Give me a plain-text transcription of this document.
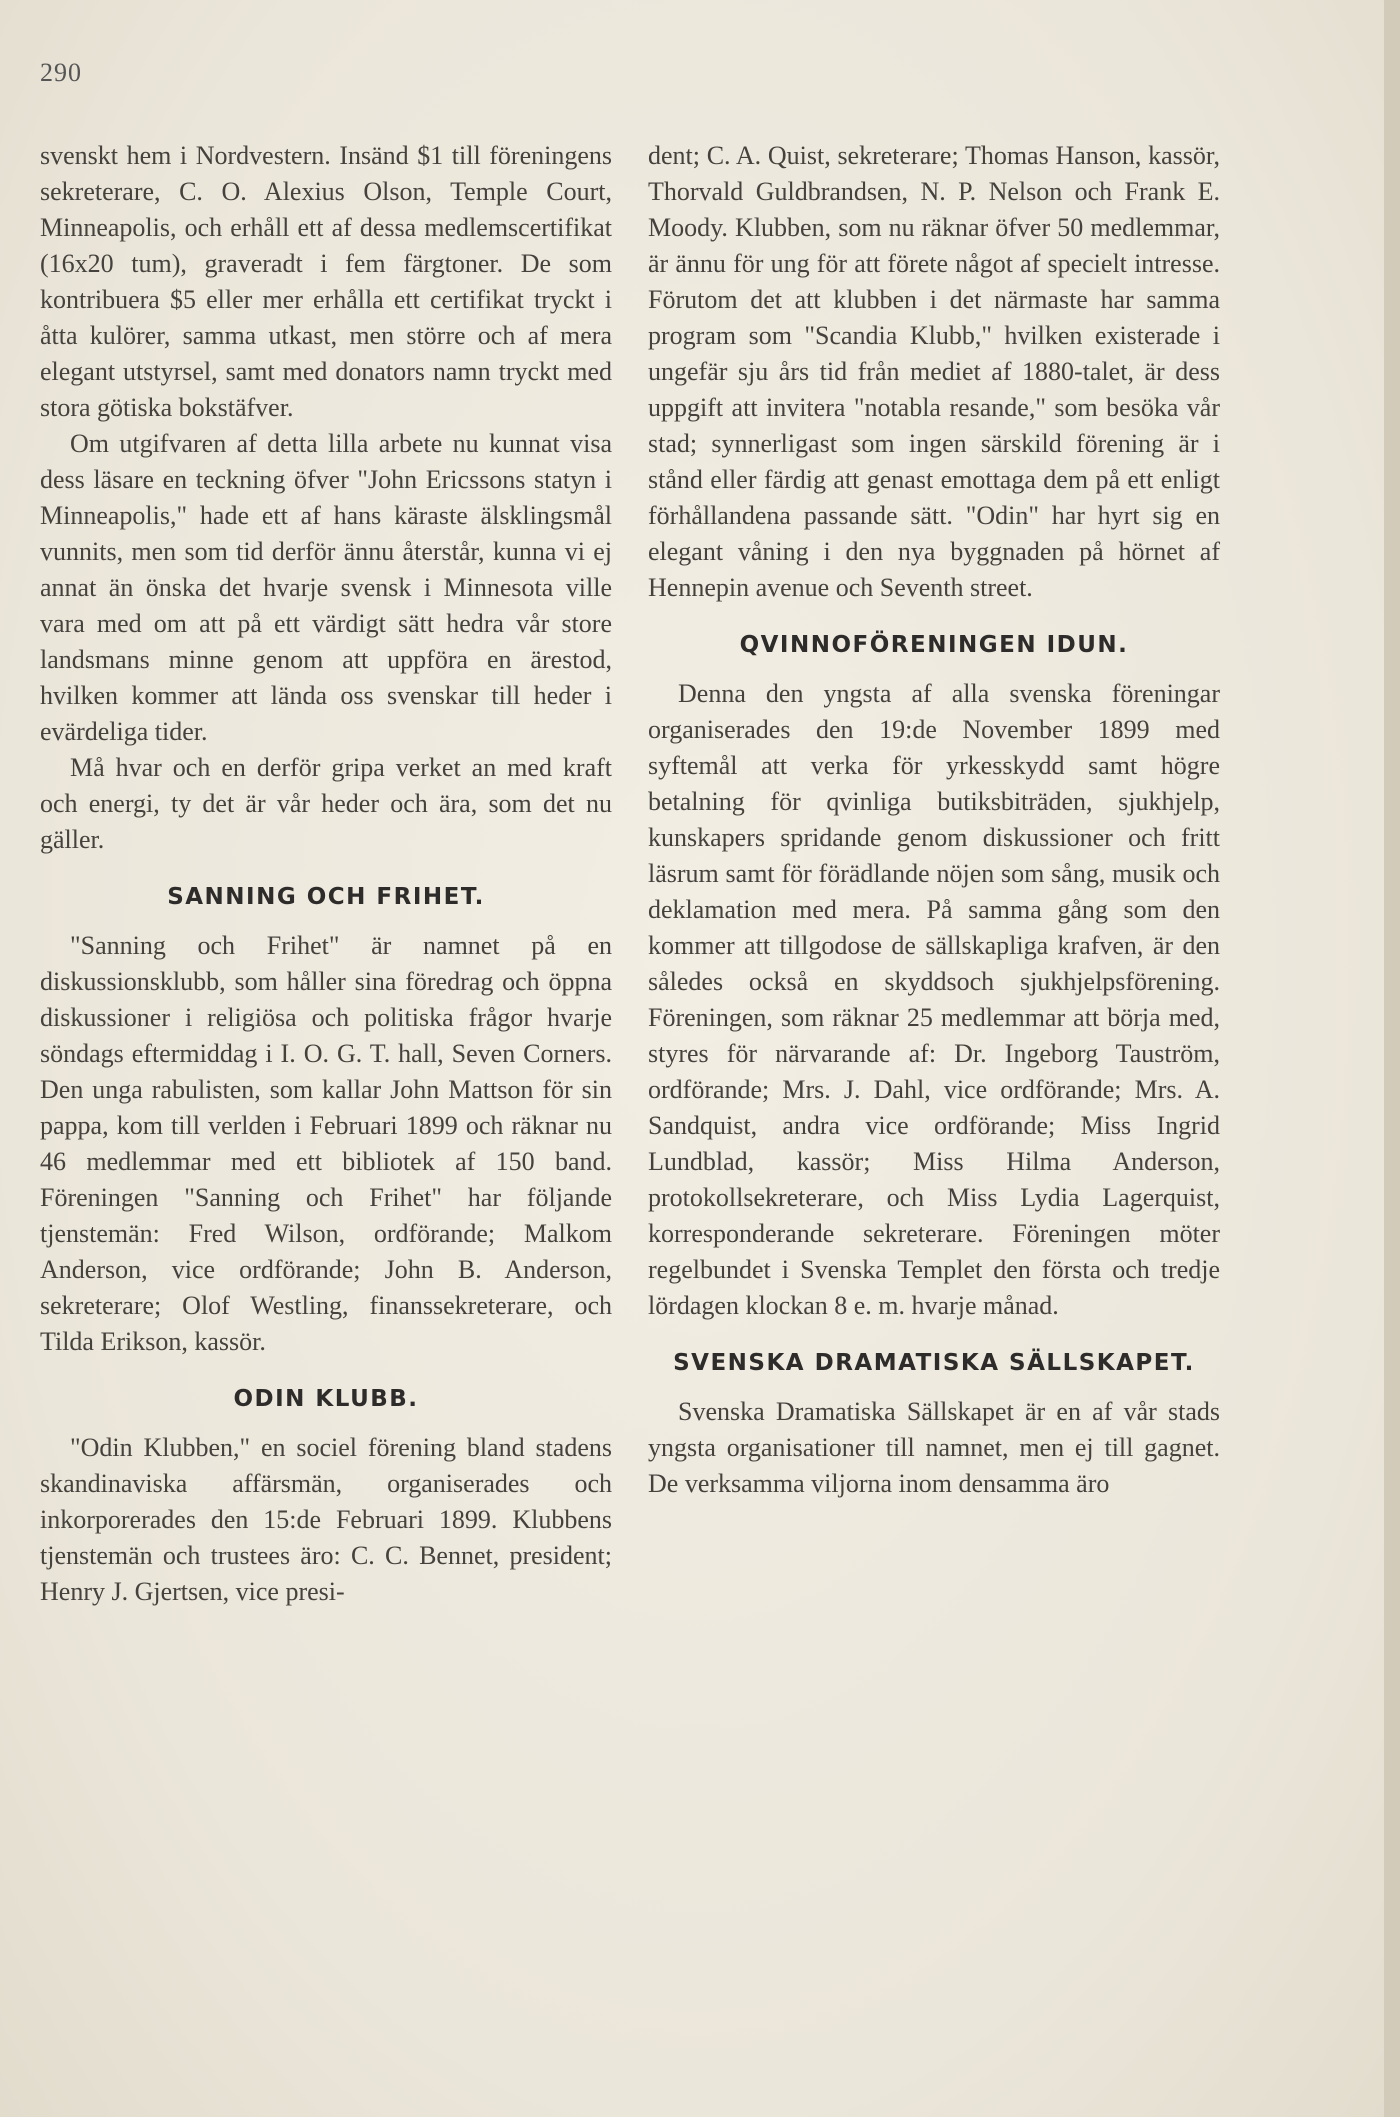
290

svenskt hem i Nordvestern. Insänd $1 till föreningens sekreterare, C. O. Alexius Olson, Temple Court, Minneapolis, och erhåll ett af dessa medlemscertifikat (16x20 tum), graveradt i fem färgtoner. De som kontribuera $5 eller mer erhålla ett certifikat tryckt i åtta kulörer, samma utkast, men större och af mera elegant utstyrsel, samt med donators namn tryckt med stora götiska bokstäfver.

Om utgifvaren af detta lilla arbete nu kunnat visa dess läsare en teckning öfver "John Ericssons statyn i Minneapolis," hade ett af hans käraste älsklingsmål vunnits, men som tid derför ännu återstår, kunna vi ej annat än önska det hvarje svensk i Minnesota ville vara med om att på ett värdigt sätt hedra vår store landsmans minne genom att uppföra en ärestod, hvilken kommer att lända oss svenskar till heder i evärdeliga tider.

Må hvar och en derför gripa verket an med kraft och energi, ty det är vår heder och ära, som det nu gäller.

SANNING OCH FRIHET.

"Sanning och Frihet" är namnet på en diskussionsklubb, som håller sina föredrag och öppna diskussioner i religiösa och politiska frågor hvarje söndags eftermiddag i I. O. G. T. hall, Seven Corners. Den unga rabulisten, som kallar John Mattson för sin pappa, kom till verlden i Februari 1899 och räknar nu 46 medlemmar med ett bibliotek af 150 band. Föreningen "Sanning och Frihet" har följande tjenstemän: Fred Wilson, ordförande; Malkom Anderson, vice ordförande; John B. Anderson, sekreterare; Olof Westling, finanssekreterare, och Tilda Erikson, kassör.

ODIN KLUBB.

"Odin Klubben," en sociel förening bland stadens skandinaviska affärsmän, organiserades och inkorporerades den 15:de Februari 1899. Klubbens tjenstemän och trustees äro: C. C. Bennet, president; Henry J. Gjertsen, vice presi-

dent; C. A. Quist, sekreterare; Thomas Hanson, kassör, Thorvald Guldbrandsen, N. P. Nelson och Frank E. Moody. Klubben, som nu räknar öfver 50 medlemmar, är ännu för ung för att förete något af specielt intresse. Förutom det att klubben i det närmaste har samma program som "Scandia Klubb," hvilken existerade i ungefär sju års tid från mediet af 1880-talet, är dess uppgift att invitera "notabla resande," som besöka vår stad; synnerligast som ingen särskild förening är i stånd eller färdig att genast emottaga dem på ett enligt förhållandena passande sätt. "Odin" har hyrt sig en elegant våning i den nya byggnaden på hörnet af Hennepin avenue och Seventh street.

QVINNOFÖRENINGEN IDUN.

Denna den yngsta af alla svenska föreningar organiserades den 19:de November 1899 med syftemål att verka för yrkesskydd samt högre betalning för qvinliga butiksbiträden, sjukhjelp, kunskapers spridande genom diskussioner och fritt läsrum samt för förädlande nöjen som sång, musik och deklamation med mera. På samma gång som den kommer att tillgodose de sällskapliga krafven, är den således också en skyddsoch sjukhjelpsförening. Föreningen, som räknar 25 medlemmar att börja med, styres för närvarande af: Dr. Ingeborg Tauström, ordförande; Mrs. J. Dahl, vice ordförande; Mrs. A. Sandquist, andra vice ordförande; Miss Ingrid Lundblad, kassör; Miss Hilma Anderson, protokollsekreterare, och Miss Lydia Lagerquist, korresponderande sekreterare. Föreningen möter regelbundet i Svenska Templet den första och tredje lördagen klockan 8 e. m. hvarje månad.

SVENSKA DRAMATISKA SÄLLSKAPET.

Svenska Dramatiska Sällskapet är en af vår stads yngsta organisationer till namnet, men ej till gagnet. De verksamma viljorna inom densamma äro
